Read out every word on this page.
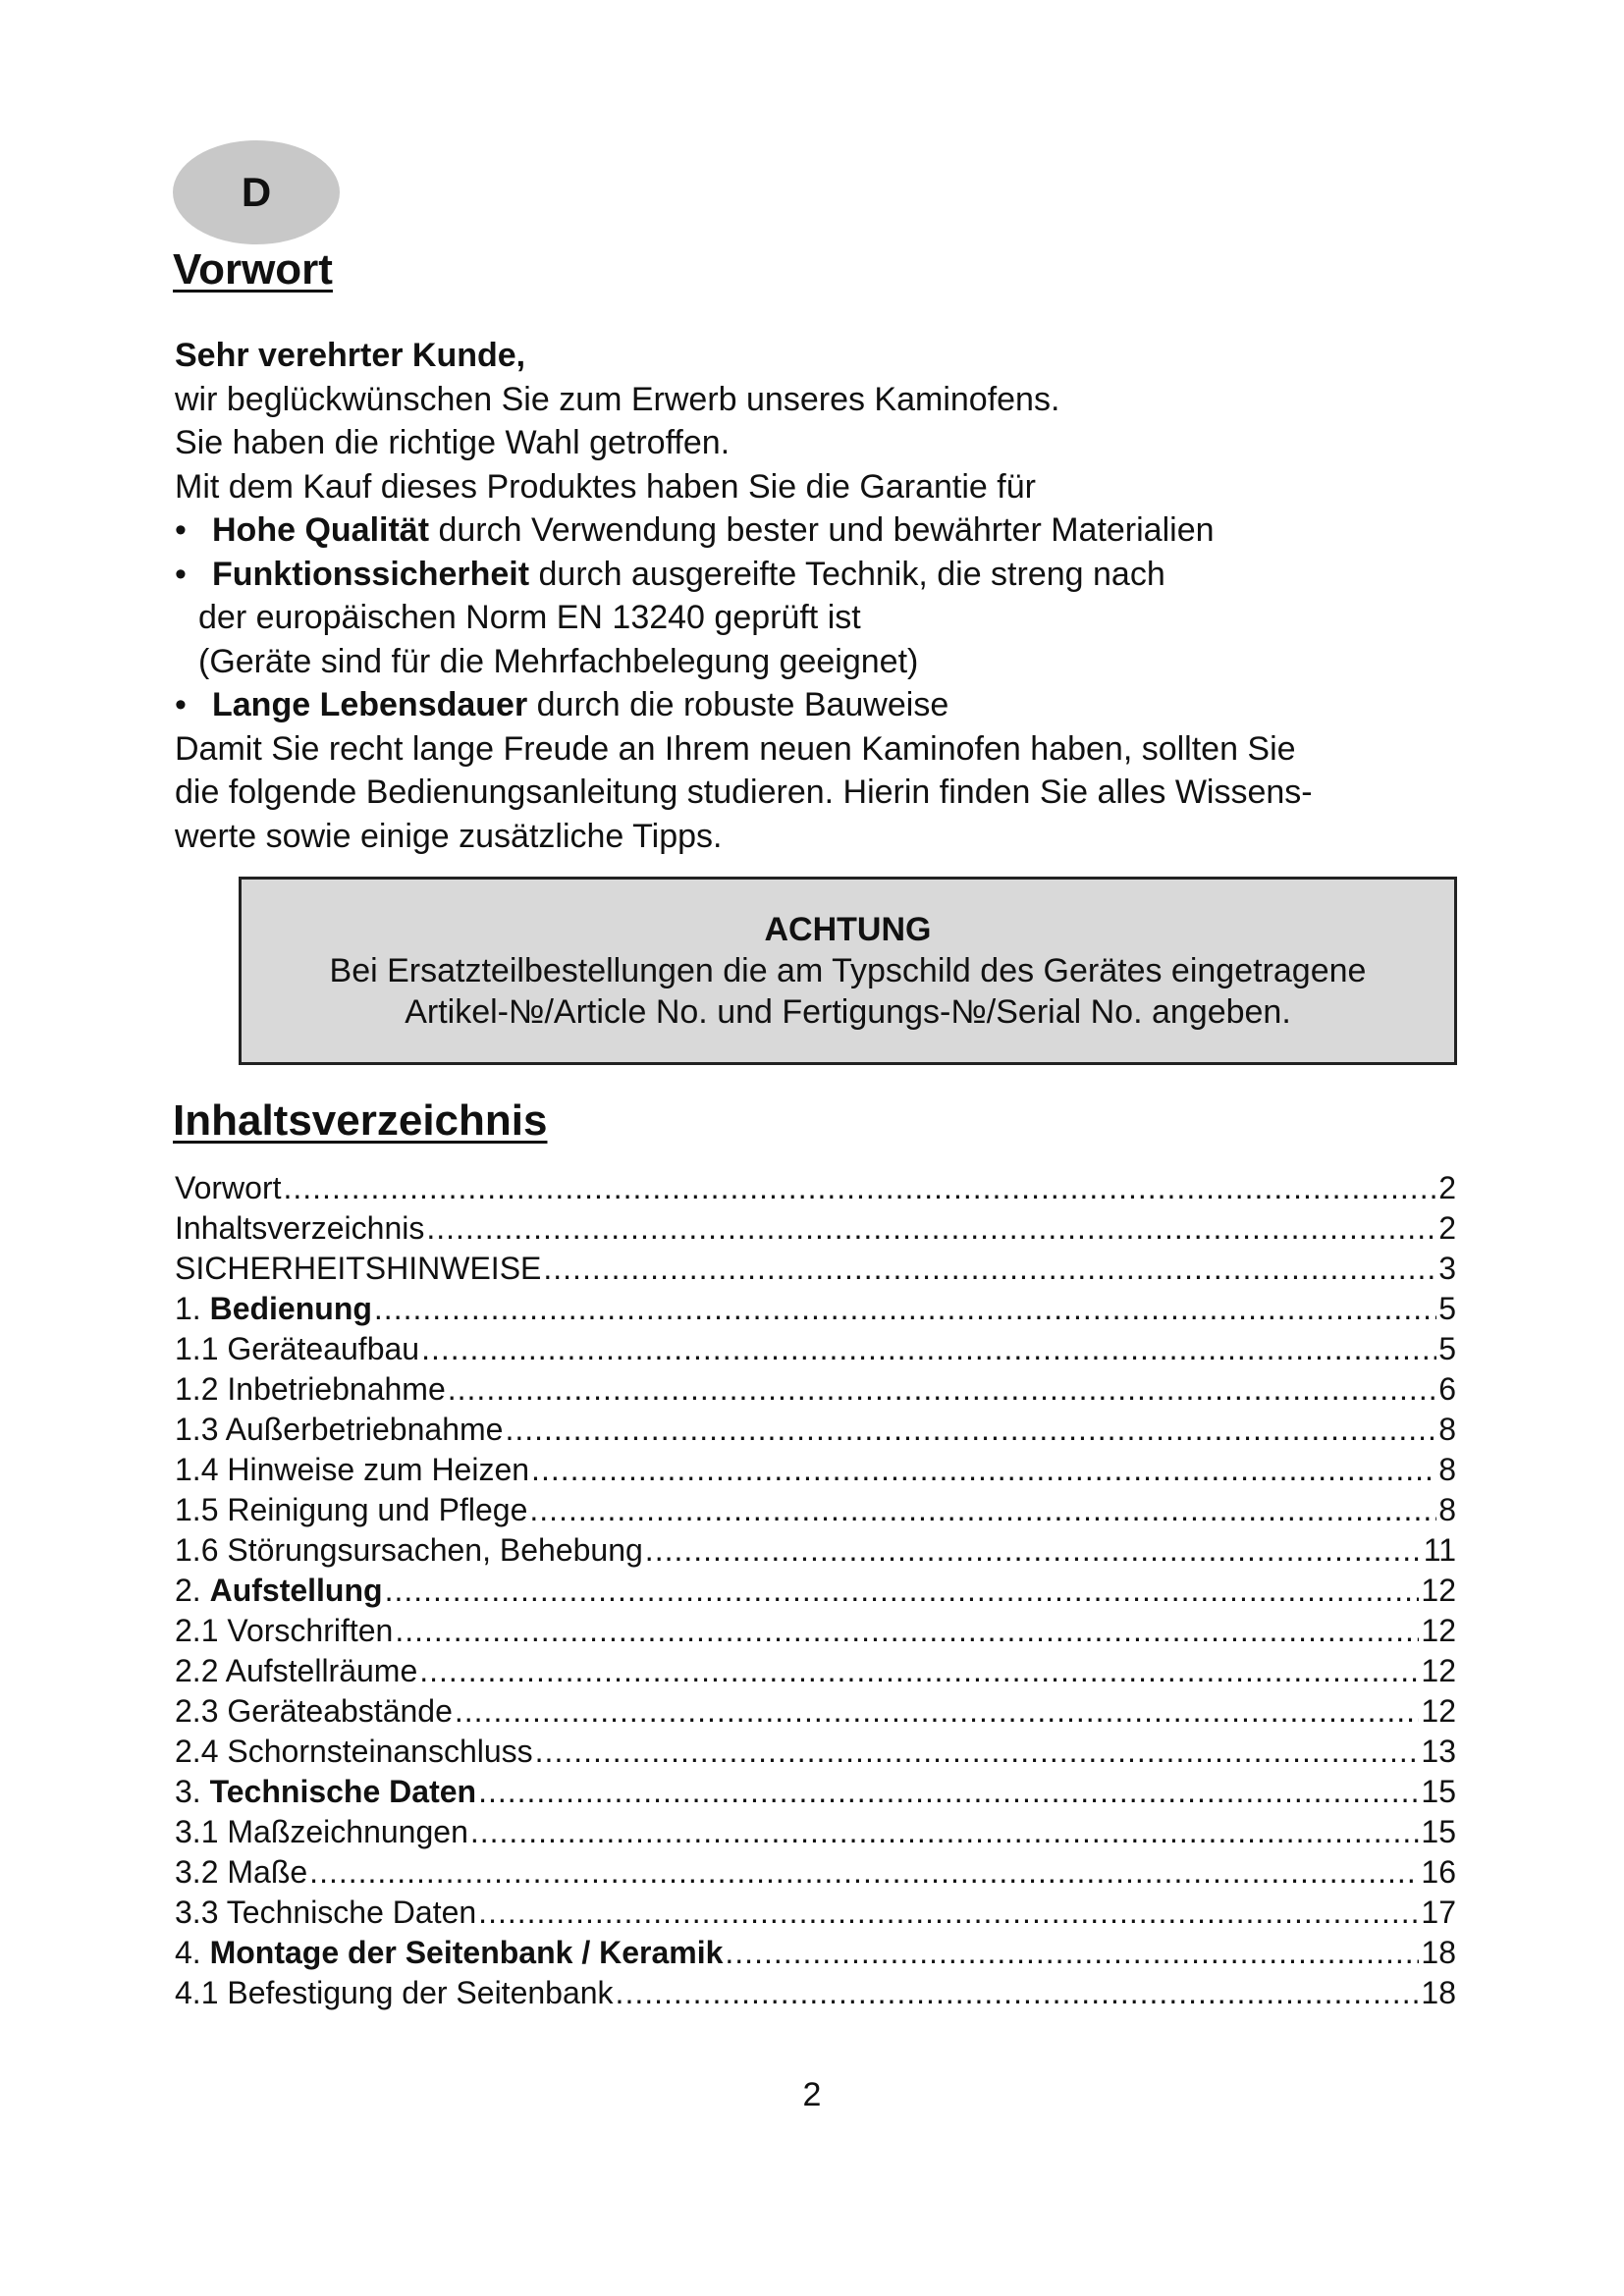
D
Vorwort
Sehr verehrter Kunde,
wir beglückwünschen Sie zum Erwerb unseres Kaminofens.
Sie haben die richtige Wahl getroffen.
Mit dem Kauf dieses Produktes haben Sie die Garantie für
• Hohe Qualität durch Verwendung bester und bewährter Materialien
• Funktionssicherheit durch ausgereifte Technik, die streng nach
der europäischen Norm EN 13240 geprüft ist
(Geräte sind für die Mehrfachbelegung geeignet)
• Lange Lebensdauer durch die robuste Bauweise
Damit Sie recht lange Freude an Ihrem neuen Kaminofen haben, sollten Sie
die folgende Bedienungsanleitung studieren. Hierin finden Sie alles Wissens-
werte sowie einige zusätzliche Tipps.
ACHTUNG
Bei Ersatzteilbestellungen die am Typschild des Gerätes eingetragene
Artikel-№/Article No. und Fertigungs-№/Serial No. angeben.
Inhaltsverzeichnis
Vorwort .....	2
Inhaltsverzeichnis .....	2
SICHERHEITSHINWEISE .....	3
1. Bedienung .....	5
1.1 Geräteaufbau .....	5
1.2 Inbetriebnahme .....	6
1.3 Außerbetriebnahme .....	8
1.4 Hinweise zum Heizen .....	8
1.5 Reinigung und Pflege .....	8
1.6 Störungsursachen, Behebung .....	11
2. Aufstellung .....	12
2.1 Vorschriften .....	12
2.2 Aufstellräume .....	12
2.3 Geräteabstände .....	12
2.4 Schornsteinanschluss .....	13
3. Technische Daten .....	15
3.1 Maßzeichnungen .....	15
3.2 Maße .....	16
3.3 Technische Daten .....	17
4. Montage der Seitenbank / Keramik .....	18
4.1 Befestigung der Seitenbank .....	18
2
